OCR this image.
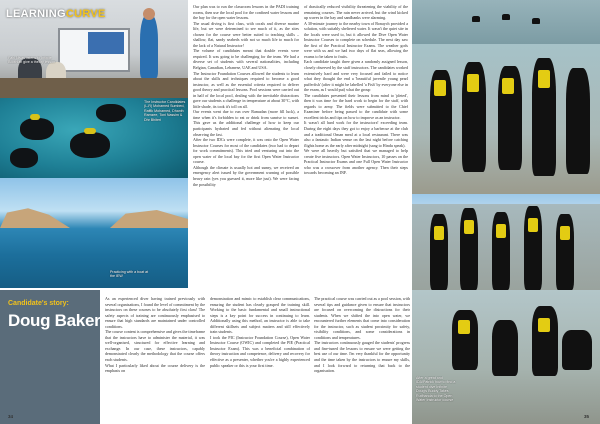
LEARNINGCURVE
Fahi Nivas listens to Infinite Boothian give a theory lesson
The Instructor Candidates (L-R) Mohamed Sumbed, Raffik Mohamed, Dhanth Ramzee, Toni Nassim & Dhr Bhiteri
Practicing with a boat at the IEW

Our plan was to run the classroom lessons in the PADI training rooms, then use the local pool for the confined water lessons and the bay for the open water lessons.

The usual diving is first class, with corals and diverse marine life, but we were determined to see much of it, as the sites chosen for the course were better suited to teaching skills – shallow, flat, sandy seabeds with not so much life to much for the lack of a Natural Instructor!

The volume of candidates meant that double events were required. It was going to be challenging for the team. We had a diverse set of students with several nationalities, including Belgian, Canadian, Lebanese, UAE and USA.

The Instructor Foundation Courses allowed the students to learn about the skills and techniques required to become a good instructor, as well as the essential criteria required to deliver good theory and practical lessons. Pool sessions were carried out in half of the local pool, dealing with the inevitable distractions gave our students a challenge in temperature at about 30°C, with little shade, its took it's toll on all.

Our events went due to run over Ramadan (more fill luck), a time when it's forbidden to eat or drink from sunrise to sunset. This gave us the additional challenge of how to keep our participants hydrated and fed without alienating the local observing the fast.

After the two IDCs were complete, it was onto the Open Water Instructor Courses for most of the candidates (two had to depart for work commitments). This tried and venturing out into the open water of the local bay for the first Open Water Instructor course.

Although the climate is usually hot and sunny, we received an emergency alert issued by the government warning of possible heavy rain (yes you guessed it, more like just). We were facing the possibility

of drastically reduced visibility threatening the viability of the remaining courses. The rain never arrived, but the wind kicked up waves in the bay and sandbanks were alarming.

A 30-minute journey to the nearby town of Bonaych provided a solution, with suitably sheltered water. It wasn't the quiet site in the locals were used to, but it allowed the Dive Open Water Instructor Courses to complete on schedule. The next day saw the first of the Practical Instructor Exams. The weather gods were with us and we had two days of flat seas, allowing the exams to be taken to fruits.

Each candidate taught three given a randomly assigned lesson, closely observed by the staff instructors. The candidates worked extensively hard and were very focused and failed to notice what they thought the end a 'beautiful juvenile young pearl pufferfish' (after it might be labelled 'a Fish' by everyone else in the exam, as I would put) what the group

The candidates presented their lessons from mind to 'pleted', then it was time for the hard work to begin for the staff, with regards to army. The fields were submitted to the Chief Examiner before being passed to the candidate with some excellent tricks and tips on how to improve as an instructor.

It wasn't all hard work for the instructors! exceeding team. During the eight days they got to enjoy a barbecue at the club and a traditional Oman meal at a local restaurant. There was also a fantastic Indian venue on the last night before catching flights home as the early after midnight (sang to Hindu speak).

We were all heavily but satisfied that we managed to help create five instructors. Open Water Instructors, 10 passes on the Practical Instructor Exams and one Full Open Water Instructor who was a crossover from another agency. Then their steps towards becoming an INF.

Candidate's story:
Doug Baker

As an experienced diver having trained previously with several organisations, I found the level of commitment by the instructors on these courses to be absolutely first class! The safety aspects of training are continuously emphasised to ensure that high standards are maintained under controlled conditions.

The course content is comprehensive and gives the timeframe that the instructors have to administer the material, it was well-organised, structured for effective learning and exchange. In our case, these instructors, capably demonstrated clearly the methodology that the course offers each students.

What I particularly liked about the course delivery is the emphasis on

demonstration and mimic to establish clear communications, ensuring the student has clearly grasped the training skill. Working to the basic fundamental and small instructional steps is a key point for success in continuing to learn. Additionally using this method, an instructor is able to take different skillsets and subject matters and still effectively train students.

I took the PIC (Instructor Foundation Course), Open Water Instructor Course (OWIC) and completed the PIE (Practical Instructor Exam). This was a beneficial combination of theory instruction and competence, delivery and recovery for effective as a presenter, whether you're a highly experienced public speaker or this is your first time.

The practical course was carried out as a pool session, with several tips and guidance given to ensure that instructors are focused on overcoming the distractions for their students. When we shifted the into open water, we encountered further elements that come into consideration for the instructor, such as student proximity for safety, visibility conditions, and some considerations in conditions and temperatures.

The instructors continuously gauged the students' progress and fine-tuned the lessons to ensure we were getting the best use of our time. I'm very thankful for the opportunity and the time taken by the instructors to ensure my skills, and I look forward to returning that back to the organisation.

After a great and IDA/Patrick how to find a student dive Infinite Doug's Buddy Takes Rutfhanda to the Open Water Instructor course
34	35
